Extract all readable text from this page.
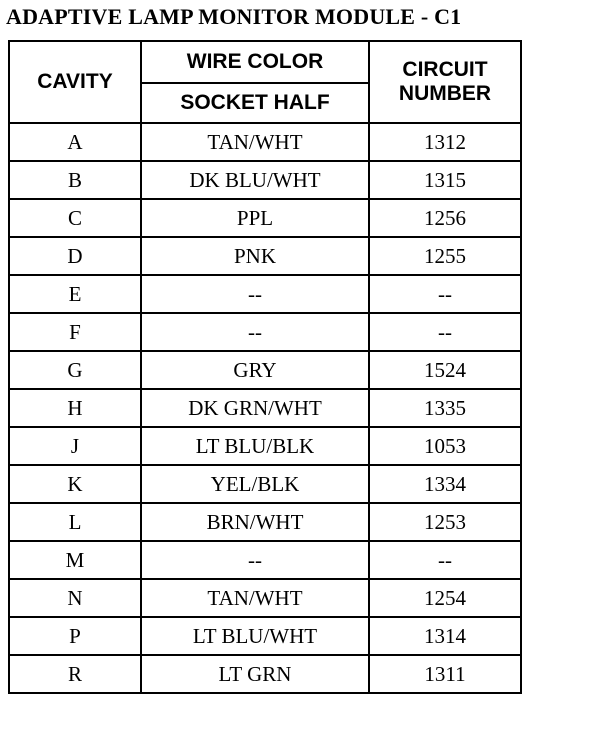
ADAPTIVE LAMP MONITOR MODULE - C1
CAVITY	WIRE COLOR	CIRCUIT
NUMBER
	SOCKET HALF	
A	TAN/WHT	1312
B	DK BLU/WHT	1315
C	PPL	1256
D	PNK	1255
E	--	--
F	--	--
G	GRY	1524
H	DK GRN/WHT	1335
J	LT BLU/BLK	1053
K	YEL/BLK	1334
L	BRN/WHT	1253
M	--	--
N	TAN/WHT	1254
P	LT BLU/WHT	1314
R	LT GRN	1311
